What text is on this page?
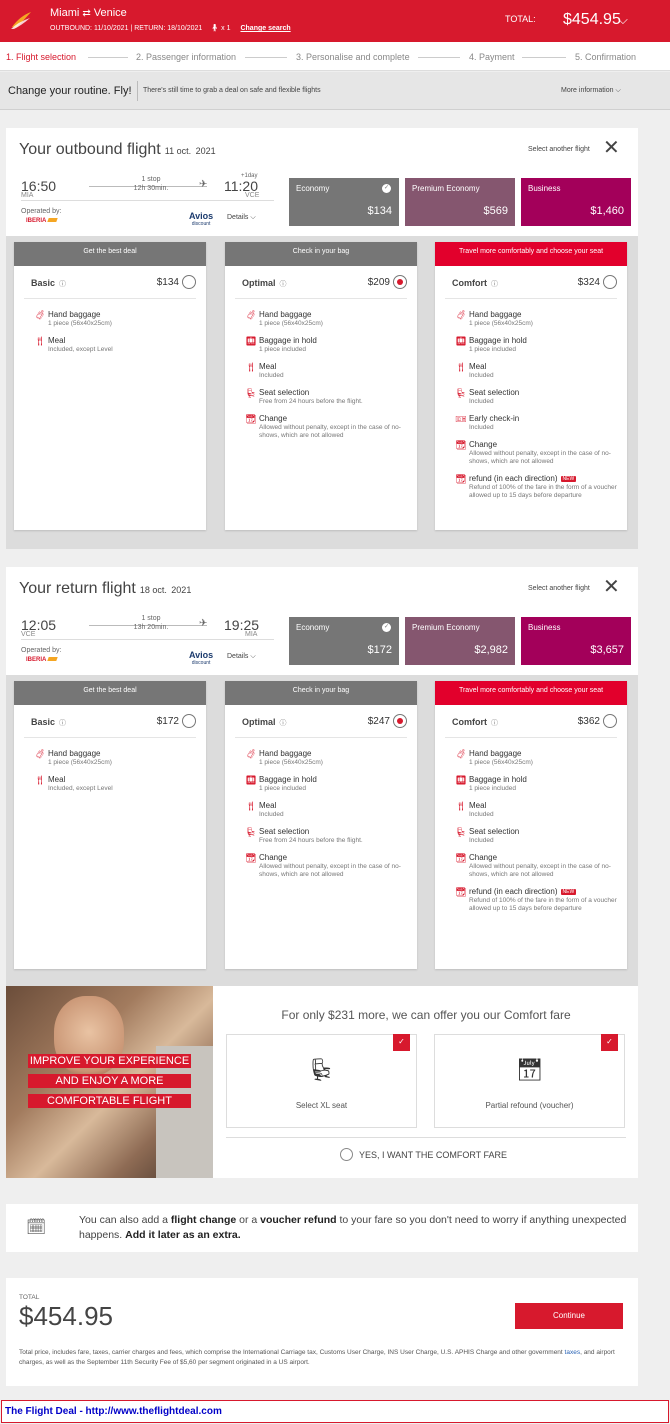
Miami ⇄ Venice
OUTBOUND: 11/10/2021 | RETURN: 18/10/2021 🧍︎ x 1 Change search
TOTAL: $454.95
⌵
1. Flight selection	2. Passenger information	3. Personalise and complete	4. Payment	5. Confirmation
Change your routine. Fly! There's still time to grab a deal on safe and flexible flights	More information ⌵
Your outbound flight 11 oct. 2021	Select another flight ✕
16:50
MIA
1 stop
12h 30min.	✈
+1day
11:20
VCE
Operated by:
IBERIA	Avios
discount
Details ⌵
Economy	✓
$134
Premium Economy
$569
Business
$1,460
Get the best deal
Basic ⓘ	$134
🧳︎ Hand baggage
1 piece (56x40x25cm)
🍴︎ Meal
Included, except Level
Check in your bag
Optimal ⓘ	$209
🧳︎ Hand baggage
1 piece (56x40x25cm)
🛄︎ Baggage in hold
1 piece included
🍴︎ Meal
Included
💺︎ Seat selection
Free from 24 hours before the flight.
📆︎ Change
Allowed without penalty, except in the case of no-shows, which are not allowed
Travel more comfortably and choose your seat
Comfort ⓘ	$324
🧳︎ Hand baggage
1 piece (56x40x25cm)
🛄︎ Baggage in hold
1 piece included
🍴︎ Meal
Included
💺︎ Seat selection
Included
🎫︎ Early check-in
Included
📆︎ Change
Allowed without penalty, except in the case of no-shows, which are not allowed
📆︎ refund (in each direction) NEW
Refund of 100% of the fare in the form of a voucher allowed up to 15 days before departure
Your return flight 18 oct. 2021	Select another flight ✕
12:05
VCE
1 stop
13h 20min.	✈ 19:25
MIA
Operated by:
IBERIA	Avios
discount
Details ⌵
Economy	✓
$172
Premium Economy
$2,982
Business
$3,657
Get the best deal
Basic ⓘ	$172
🧳︎ Hand baggage
1 piece (56x40x25cm)
🍴︎ Meal
Included, except Level
Check in your bag
Optimal ⓘ	$247
🧳︎ Hand baggage
1 piece (56x40x25cm)
🛄︎ Baggage in hold
1 piece included
🍴︎ Meal
Included
💺︎ Seat selection
Free from 24 hours before the flight.
📆︎ Change
Allowed without penalty, except in the case of no-shows, which are not allowed
Travel more comfortably and choose your seat
Comfort ⓘ	$362
🧳︎ Hand baggage
1 piece (56x40x25cm)
🛄︎ Baggage in hold
1 piece included
🍴︎ Meal
Included
💺︎ Seat selection
Included
📆︎ Change
Allowed without penalty, except in the case of no-shows, which are not allowed
📆︎ refund (in each direction) NEW
Refund of 100% of the fare in the form of a voucher allowed up to 15 days before departure
IMPROVE YOUR EXPERIENCE
AND ENJOY A MORE
COMFORTABLE FLIGHT
For only $231 more, we can offer you our Comfort fare
✓
💺︎
Select XL seat
✓
📅︎
Partial refound (voucher)
YES, I WANT THE COMFORT FARE
🗓︎	You can also add a flight change or a voucher refund to your fare so you don't need to worry if anything unexpected happens. Add it later as an extra.
TOTAL
$454.95	Continue
Total price, includes fare, taxes, carrier charges and fees, which comprise the International Carriage tax, Customs User Charge, INS User Charge, U.S. APHIS Charge and other government taxes, and airport charges, as well as the September 11th Security Fee of $5,60 per segment originated in a US airport.
The Flight Deal - http://www.theflightdeal.com
